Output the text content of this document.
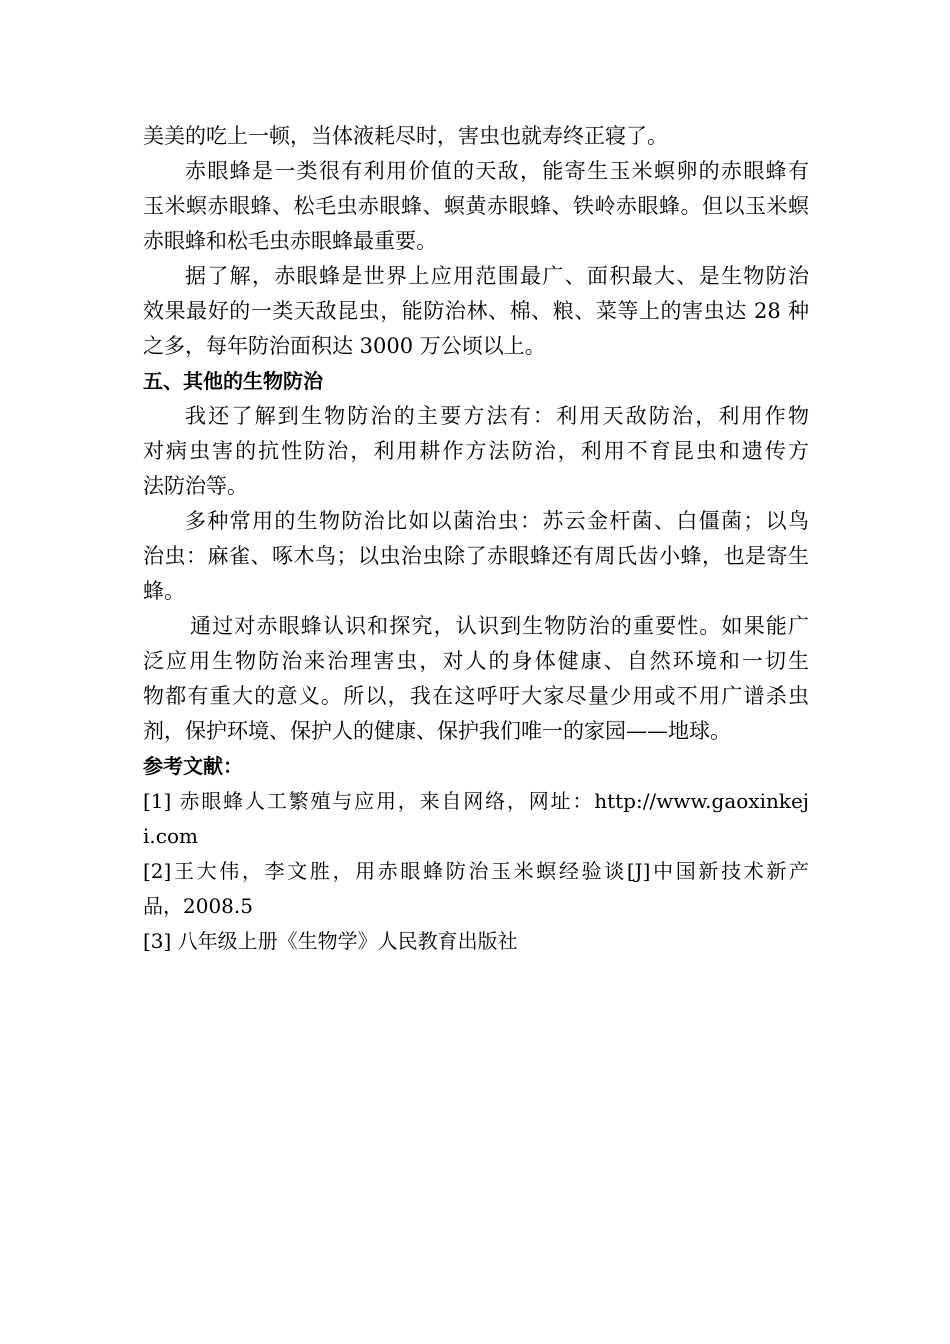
美美的吃上一顿，当体液耗尽时，害虫也就寿终正寝了。
赤眼蜂是一类很有利用价值的天敌，能寄生玉米螟卵的赤眼蜂有
玉米螟赤眼蜂、松毛虫赤眼蜂、螟黄赤眼蜂、铁岭赤眼蜂。但以玉米螟
赤眼蜂和松毛虫赤眼蜂最重要。
据了解，赤眼蜂是世界上应用范围最广、面积最大、是生物防治
效果最好的一类天敌昆虫，能防治林、棉、粮、菜等上的害虫达 28 种
之多，每年防治面积达 3000 万公顷以上。
五、其他的生物防治
我还了解到生物防治的主要方法有：利用天敌防治，利用作物
对病虫害的抗性防治，利用耕作方法防治，利用不育昆虫和遗传方
法防治等。
多种常用的生物防治比如以菌治虫：苏云金杆菌、白僵菌；以鸟
治虫：麻雀、啄木鸟；以虫治虫除了赤眼蜂还有周氏齿小蜂，也是寄生
蜂。
通过对赤眼蜂认识和探究，认识到生物防治的重要性。如果能广
泛应用生物防治来治理害虫，对人的身体健康、自然环境和一切生
物都有重大的意义。所以，我在这呼吁大家尽量少用或不用广谱杀虫
剂，保护环境、保护人的健康、保护我们唯一的家园——地球。
参考文献：
[1] 赤眼蜂人工繁殖与应用，来自网络，网址：http://www.gaoxinkej
i.com
[2]王大伟，李文胜，用赤眼蜂防治玉米螟经验谈[J]中国新技术新产
品，2008.5
[3] 八年级上册《生物学》人民教育出版社
